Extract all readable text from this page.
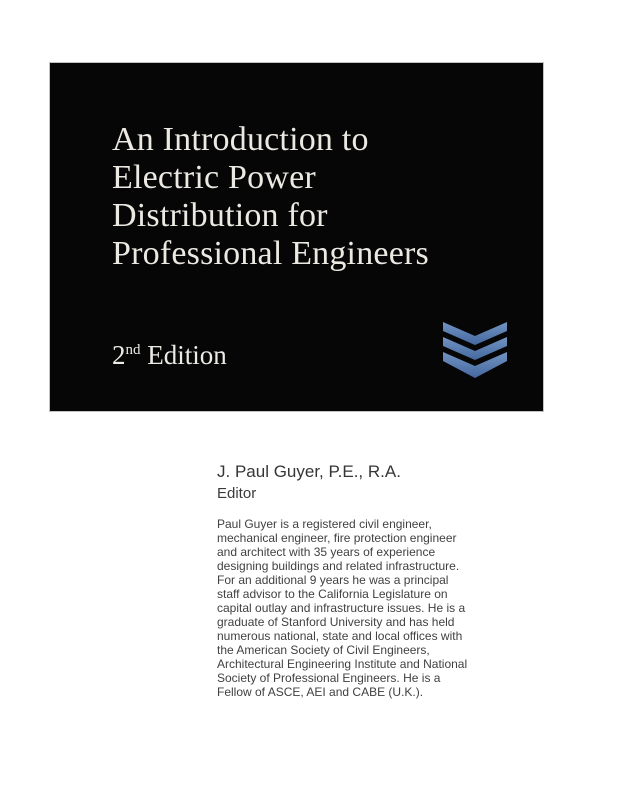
An Introduction to
Electric Power
Distribution for
Professional Engineers
2nd Edition
J. Paul Guyer, P.E., R.A.
Editor
Paul Guyer is a registered civil engineer,
mechanical engineer, fire protection engineer
and architect with 35 years of experience
designing buildings and related infrastructure.
For an additional 9 years he was a principal
staff advisor to the California Legislature on
capital outlay and infrastructure issues. He is a
graduate of Stanford University and has held
numerous national, state and local offices with
the American Society of Civil Engineers,
Architectural Engineering Institute and National
Society of Professional Engineers. He is a
Fellow of ASCE, AEI and CABE (U.K.).
